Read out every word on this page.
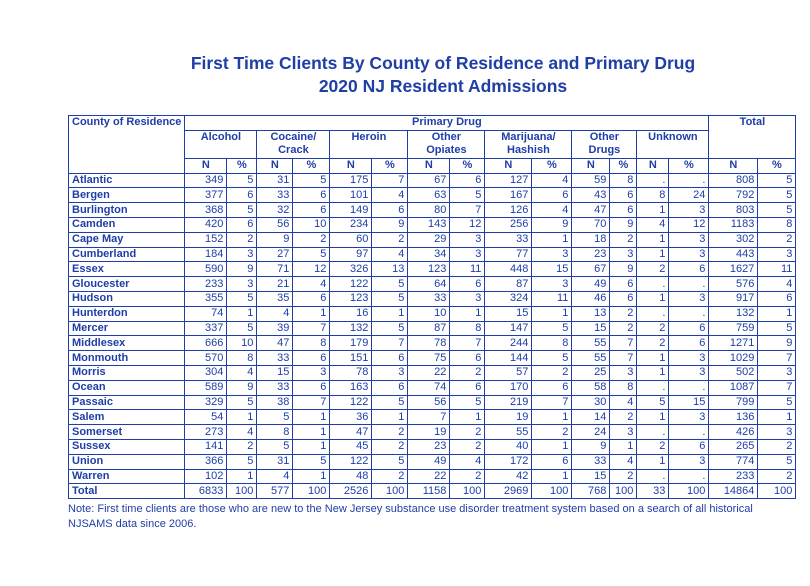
First Time Clients By County of Residence and Primary Drug
2020 NJ Resident Admissions
County of Residence	Primary Drug														Total	
	Alcohol		Cocaine/ Crack		Heroin		Other Opiates		Marijuana/ Hashish		Other Drugs		Unknown			
	N	%	N	%	N	%	N	%	N	%	N	%	N	%	N	%
Atlantic	349	5	31	5	175	7	67	6	127	4	59	8	.	.	808	5
Bergen	377	6	33	6	101	4	63	5	167	6	43	6	8	24	792	5
Burlington	368	5	32	6	149	6	80	7	126	4	47	6	1	3	803	5
Camden	420	6	56	10	234	9	143	12	256	9	70	9	4	12	1183	8
Cape May	152	2	9	2	60	2	29	3	33	1	18	2	1	3	302	2
Cumberland	184	3	27	5	97	4	34	3	77	3	23	3	1	3	443	3
Essex	590	9	71	12	326	13	123	11	448	15	67	9	2	6	1627	11
Gloucester	233	3	21	4	122	5	64	6	87	3	49	6	.	.	576	4
Hudson	355	5	35	6	123	5	33	3	324	11	46	6	1	3	917	6
Hunterdon	74	1	4	1	16	1	10	1	15	1	13	2	.	.	132	1
Mercer	337	5	39	7	132	5	87	8	147	5	15	2	2	6	759	5
Middlesex	666	10	47	8	179	7	78	7	244	8	55	7	2	6	1271	9
Monmouth	570	8	33	6	151	6	75	6	144	5	55	7	1	3	1029	7
Morris	304	4	15	3	78	3	22	2	57	2	25	3	1	3	502	3
Ocean	589	9	33	6	163	6	74	6	170	6	58	8	.	.	1087	7
Passaic	329	5	38	7	122	5	56	5	219	7	30	4	5	15	799	5
Salem	54	1	5	1	36	1	7	1	19	1	14	2	1	3	136	1
Somerset	273	4	8	1	47	2	19	2	55	2	24	3	.	.	426	3
Sussex	141	2	5	1	45	2	23	2	40	1	9	1	2	6	265	2
Union	366	5	31	5	122	5	49	4	172	6	33	4	1	3	774	5
Warren	102	1	4	1	48	2	22	2	42	1	15	2	.	.	233	2
Total	6833	100	577	100	2526	100	1158	100	2969	100	768	100	33	100	14864	100
Note: First time clients are those who are new to the New Jersey substance use disorder treatment system based on a search of all historical NJSAMS data since 2006.
